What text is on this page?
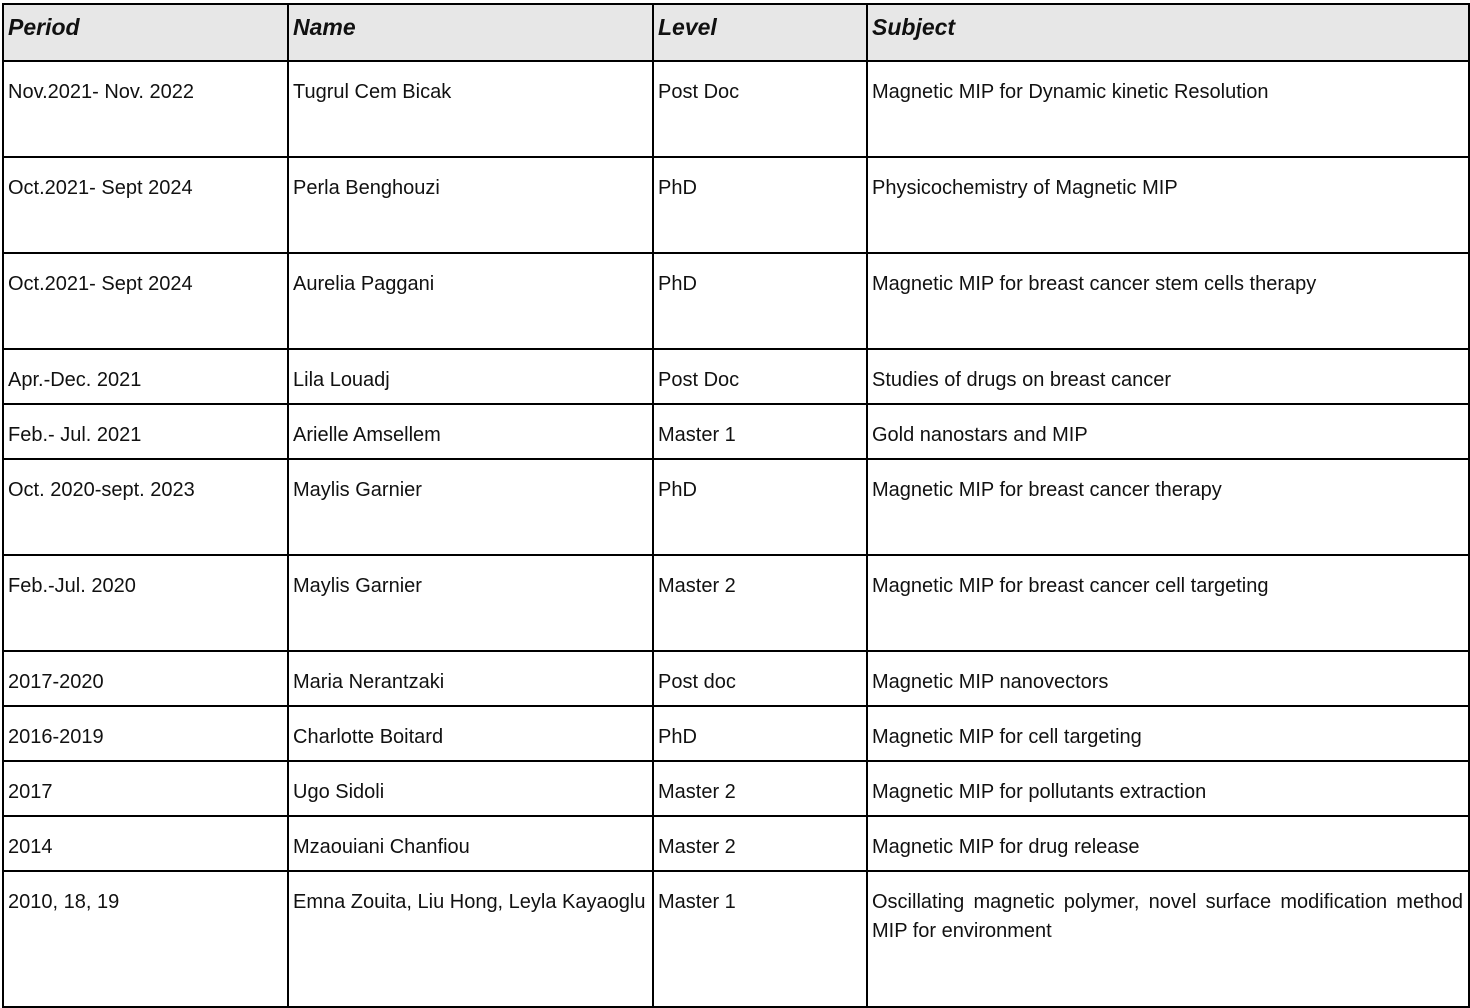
Period	Name	Level	Subject
Nov.2021- Nov. 2022	Tugrul Cem Bicak	Post Doc	Magnetic MIP for Dynamic kinetic Resolution
Oct.2021- Sept 2024	Perla Benghouzi	PhD	Physicochemistry of Magnetic MIP
Oct.2021- Sept 2024	Aurelia Paggani	PhD	Magnetic MIP for breast cancer stem cells therapy
Apr.-Dec. 2021	Lila Louadj	Post Doc	Studies of drugs on breast cancer
Feb.- Jul. 2021	Arielle Amsellem	Master 1	Gold nanostars and MIP
Oct. 2020-sept. 2023	Maylis Garnier	PhD	Magnetic MIP for breast cancer therapy
Feb.-Jul. 2020	Maylis Garnier	Master 2	Magnetic MIP for breast cancer cell targeting
2017-2020	Maria Nerantzaki	Post doc	Magnetic MIP nanovectors
2016-2019	Charlotte Boitard	PhD	Magnetic MIP for cell targeting
2017	Ugo Sidoli	Master 2	Magnetic MIP for pollutants extraction
2014	Mzaouiani Chanfiou	Master 2	Magnetic MIP for drug release
2010, 18, 19	Emna Zouita, Liu Hong, Leyla Kayaoglu	Master 1	Oscillating magnetic polymer, novel surface modification method MIP for environment
